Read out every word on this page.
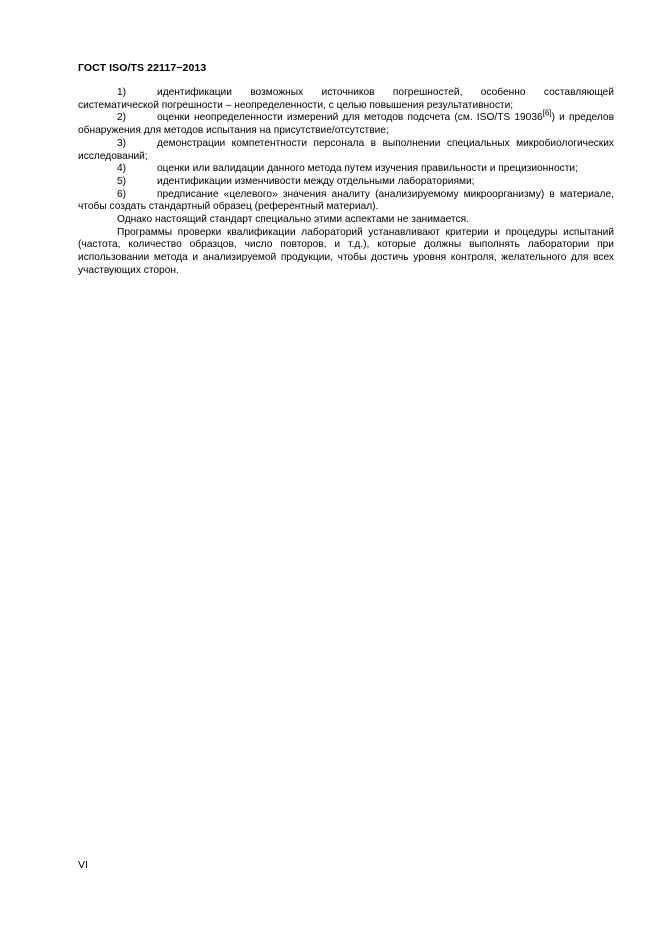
ГОСТ ISO/TS 22117−2013

1)	идентификации возможных источников погрешностей, особенно составляющей систематической погрешности – неопределенности, с целью повышения результативности;

2)	оценки неопределенности измерений для методов подсчета (см. ISO/TS 19036[6]) и пределов обнаружения для методов испытания на присутствие/отсутствие;

3)	демонстрации компетентности персонала в выполнении специальных микробиологических исследований;

4)	оценки или валидации данного метода путем изучения правильности и прецизионности;

5)	идентификации изменчивости между отдельными лабораториями;

6)	предписание «целевого» значения аналиту (анализируемому микроорганизму) в материале, чтобы создать стандартный образец (референтный материал).

Однако настоящий стандарт специально этими аспектами не занимается.

Программы проверки квалификации лабораторий устанавливают критерии и процедуры испытаний (частота, количество образцов, число повторов, и т.д.), которые должны выполнять лаборатории при использовании метода и анализируемой продукции, чтобы достичь уровня контроля, желательного для всех участвующих сторон.

VI
